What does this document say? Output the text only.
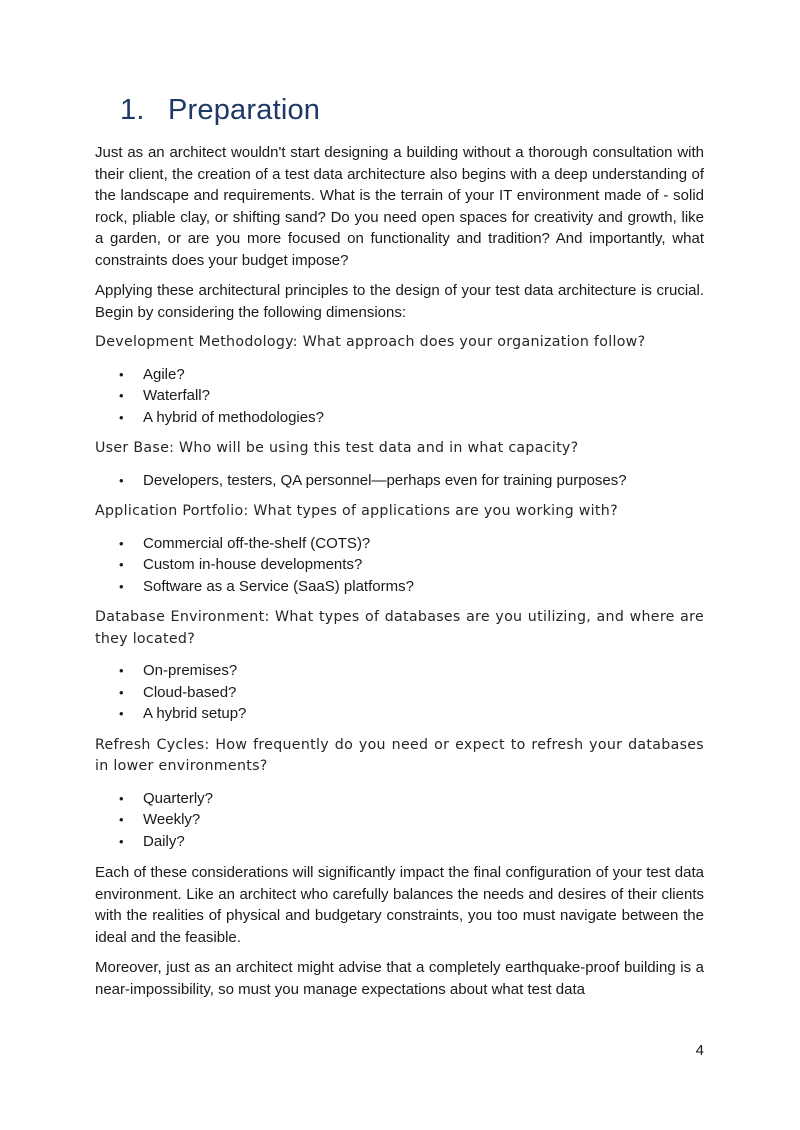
1. Preparation

Just as an architect wouldn't start designing a building without a thorough consultation with their client, the creation of a test data architecture also begins with a deep understanding of the landscape and requirements. What is the terrain of your IT environment made of - solid rock, pliable clay, or shifting sand? Do you need open spaces for creativity and growth, like a garden, or are you more focused on functionality and tradition? And importantly, what constraints does your budget impose?

Applying these architectural principles to the design of your test data architecture is crucial. Begin by considering the following dimensions:

Development Methodology: What approach does your organization follow?

• Agile?
• Waterfall?
• A hybrid of methodologies?

User Base: Who will be using this test data and in what capacity?

• Developers, testers, QA personnel—perhaps even for training purposes?

Application Portfolio: What types of applications are you working with?

• Commercial off-the-shelf (COTS)?
• Custom in-house developments?
• Software as a Service (SaaS) platforms?

Database Environment: What types of databases are you utilizing, and where are they located?

• On-premises?
• Cloud-based?
• A hybrid setup?

Refresh Cycles: How frequently do you need or expect to refresh your databases in lower environments?

• Quarterly?
• Weekly?
• Daily?

Each of these considerations will significantly impact the final configuration of your test data environment. Like an architect who carefully balances the needs and desires of their clients with the realities of physical and budgetary constraints, you too must navigate between the ideal and the feasible.

Moreover, just as an architect might advise that a completely earthquake-proof building is a near-impossibility, so must you manage expectations about what test data

4
